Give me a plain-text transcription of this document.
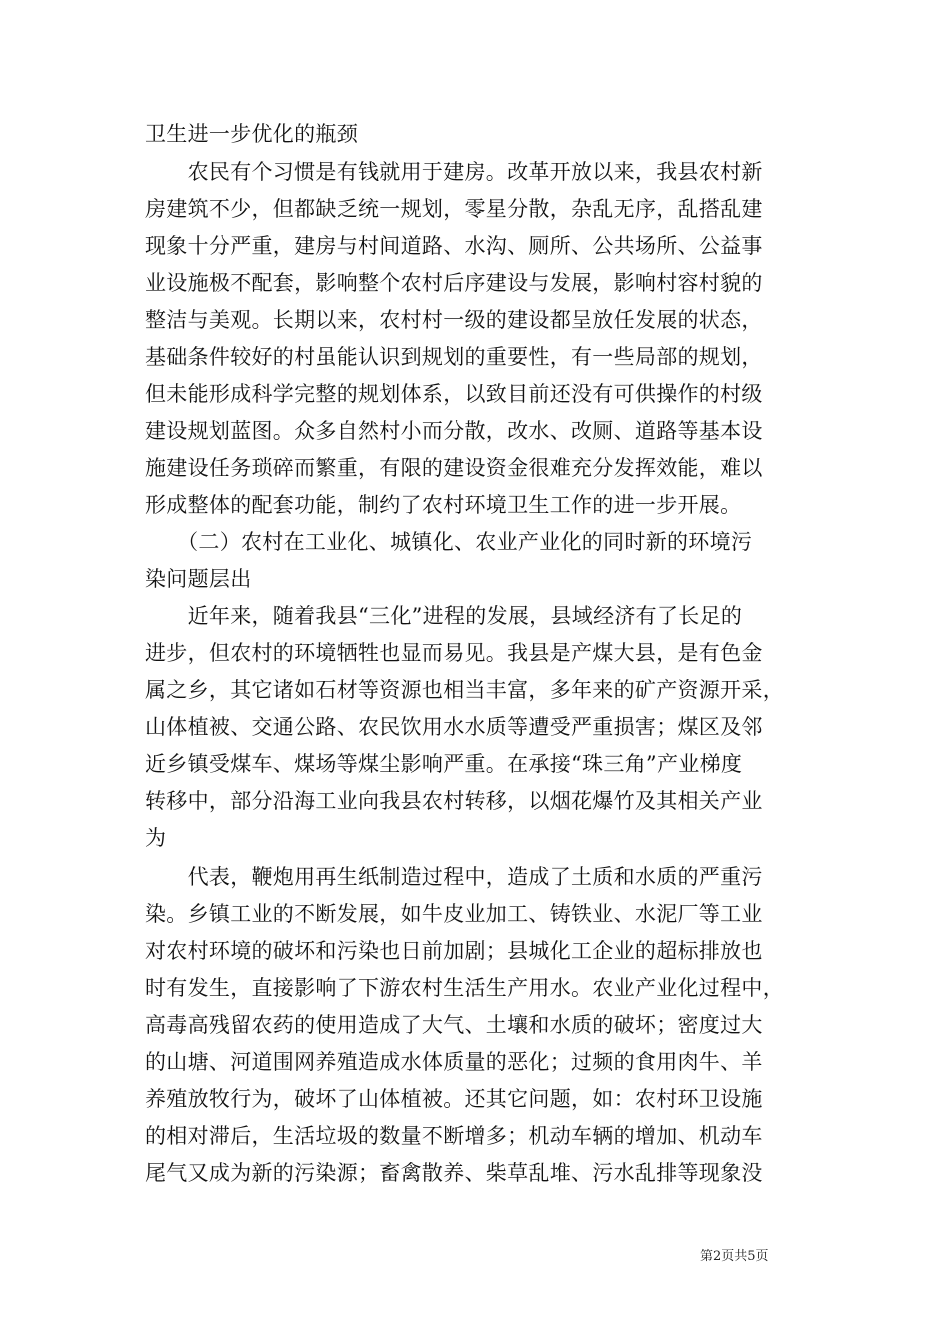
卫生进一步优化的瓶颈
　　农民有个习惯是有钱就用于建房。改革开放以来，我县农村新
房建筑不少，但都缺乏统一规划，零星分散，杂乱无序，乱搭乱建
现象十分严重，建房与村间道路、水沟、厕所、公共场所、公益事
业设施极不配套，影响整个农村后序建设与发展，影响村容村貌的
整洁与美观。长期以来，农村村一级的建设都呈放任发展的状态，
基础条件较好的村虽能认识到规划的重要性，有一些局部的规划，
但未能形成科学完整的规划体系，以致目前还没有可供操作的村级
建设规划蓝图。众多自然村小而分散，改水、改厕、道路等基本设
施建设任务琐碎而繁重，有限的建设资金很难充分发挥效能，难以
形成整体的配套功能，制约了农村环境卫生工作的进一步开展。
　　（二）农村在工业化、城镇化、农业产业化的同时新的环境污
染问题层出
　　近年来，随着我县“三化”进程的发展，县域经济有了长足的
进步，但农村的环境牺牲也显而易见。我县是产煤大县，是有色金
属之乡，其它诸如石材等资源也相当丰富，多年来的矿产资源开采，
山体植被、交通公路、农民饮用水水质等遭受严重损害；煤区及邻
近乡镇受煤车、煤场等煤尘影响严重。在承接“珠三角”产业梯度
转移中，部分沿海工业向我县农村转移，以烟花爆竹及其相关产业
为
　　代表，鞭炮用再生纸制造过程中，造成了土质和水质的严重污
染。乡镇工业的不断发展，如牛皮业加工、铸铁业、水泥厂等工业
对农村环境的破坏和污染也日前加剧；县城化工企业的超标排放也
时有发生，直接影响了下游农村生活生产用水。农业产业化过程中，
高毒高残留农药的使用造成了大气、土壤和水质的破坏；密度过大
的山塘、河道围网养殖造成水体质量的恶化；过频的食用肉牛、羊
养殖放牧行为，破坏了山体植被。还其它问题，如：农村环卫设施
的相对滞后，生活垃圾的数量不断增多；机动车辆的增加、机动车
尾气又成为新的污染源；畜禽散养、柴草乱堆、污水乱排等现象没
第2页共5页
